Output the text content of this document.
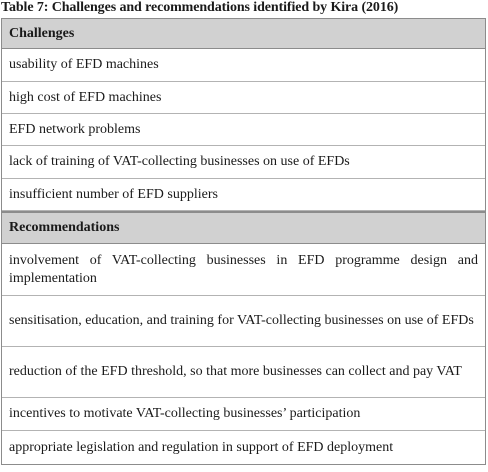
Table 7: Challenges and recommendations identified by Kira (2016)
Challenges
usability of EFD machines
high cost of EFD machines
EFD network problems
lack of training of VAT-collecting businesses on use of EFDs
insufficient number of EFD suppliers
Recommendations
involvement of VAT-collecting businesses in EFD programme design and implementation
sensitisation, education, and training for VAT-collecting businesses on use of EFDs
reduction of the EFD threshold, so that more businesses can collect and pay VAT
incentives to motivate VAT-collecting businesses’ participation
appropriate legislation and regulation in support of EFD deployment
